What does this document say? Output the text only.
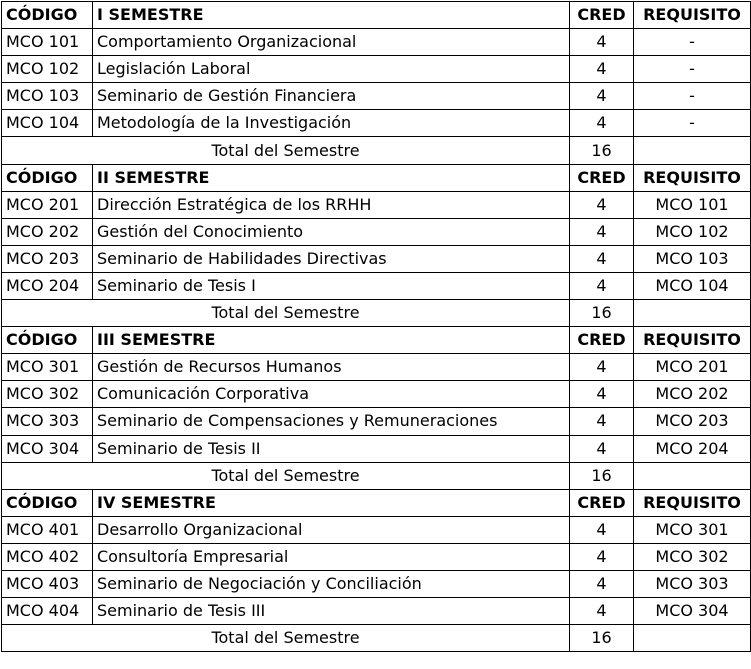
CÓDIGO	I SEMESTRE	CRED	REQUISITO
MCO 101	Comportamiento Organizacional	4	-
MCO 102	Legislación Laboral	4	-
MCO 103	Seminario de Gestión Financiera	4	-
MCO 104	Metodología de la Investigación	4	-
Total del Semestre		16	
CÓDIGO	II SEMESTRE	CRED	REQUISITO
MCO 201	Dirección Estratégica de los RRHH	4	MCO 101
MCO 202	Gestión del Conocimiento	4	MCO 102
MCO 203	Seminario de Habilidades Directivas	4	MCO 103
MCO 204	Seminario de Tesis I	4	MCO 104
Total del Semestre		16	
CÓDIGO	III SEMESTRE	CRED	REQUISITO
MCO 301	Gestión de Recursos Humanos	4	MCO 201
MCO 302	Comunicación Corporativa	4	MCO 202
MCO 303	Seminario de Compensaciones y Remuneraciones	4	MCO 203
MCO 304	Seminario de Tesis II	4	MCO 204
Total del Semestre		16	
CÓDIGO	IV SEMESTRE	CRED	REQUISITO
MCO 401	Desarrollo Organizacional	4	MCO 301
MCO 402	Consultoría Empresarial	4	MCO 302
MCO 403	Seminario de Negociación y Conciliación	4	MCO 303
MCO 404	Seminario de Tesis III	4	MCO 304
Total del Semestre		16	
